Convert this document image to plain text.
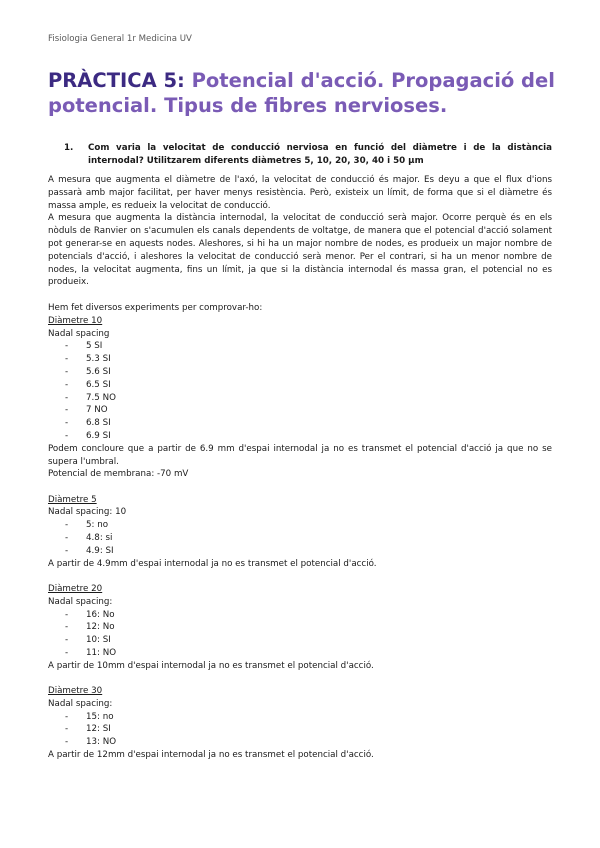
Fisiologia General 1r Medicina UV
PRÀCTICA 5: Potencial d'acció. Propagació del potencial. Tipus de fibres nervioses.
1. Com varia la velocitat de conducció nerviosa en funció del diàmetre i de la distància internodal? Utilitzarem diferents diàmetres 5, 10, 20, 30, 40 i 50 μm

A mesura que augmenta el diàmetre de l'axó, la velocitat de conducció és major. Es deyu a que el flux d'ions passarà amb major facilitat, per haver menys resistència. Però, existeix un límit, de forma que si el diàmetre és massa ample, es redueix la velocitat de conducció.

A mesura que augmenta la distància internodal, la velocitat de conducció serà major. Ocorre perquè és en els nòduls de Ranvier on s'acumulen els canals dependents de voltatge, de manera que el potencial d'acció solament pot generar-se en aquests nodes. Aleshores, si hi ha un major nombre de nodes, es produeix un major nombre de potencials d'acció, i aleshores la velocitat de conducció serà menor. Per el contrari, si ha un menor nombre de nodes, la velocitat augmenta, fins un límit, ja que si la distància internodal és massa gran, el potencial no es produeix.

Hem fet diversos experiments per comprovar-ho:
Diàmetre 10
Nadal spacing
- 5 SI
- 5.3 SI
- 5.6 SI
- 6.5 SI
- 7.5 NO
- 7 NO
- 6.8 SI
- 6.9 SI

Podem concloure que a partir de 6.9 mm d'espai internodal ja no es transmet el potencial d'acció ja que no se supera l'umbral.

Potencial de membrana: -70 mV
Diàmetre 5
Nadal spacing: 10
- 5: no
- 4.8: si
- 4.9: SI
A partir de 4.9mm d'espai internodal ja no es transmet el potencial d'acció.
Diàmetre 20
Nadal spacing:
- 16: No
- 12: No
- 10: SI
- 11: NO
A partir de 10mm d'espai internodal ja no es transmet el potencial d'acció.
Diàmetre 30
Nadal spacing:
- 15: no
- 12: SI
- 13: NO
A partir de 12mm d'espai internodal ja no es transmet el potencial d'acció.
